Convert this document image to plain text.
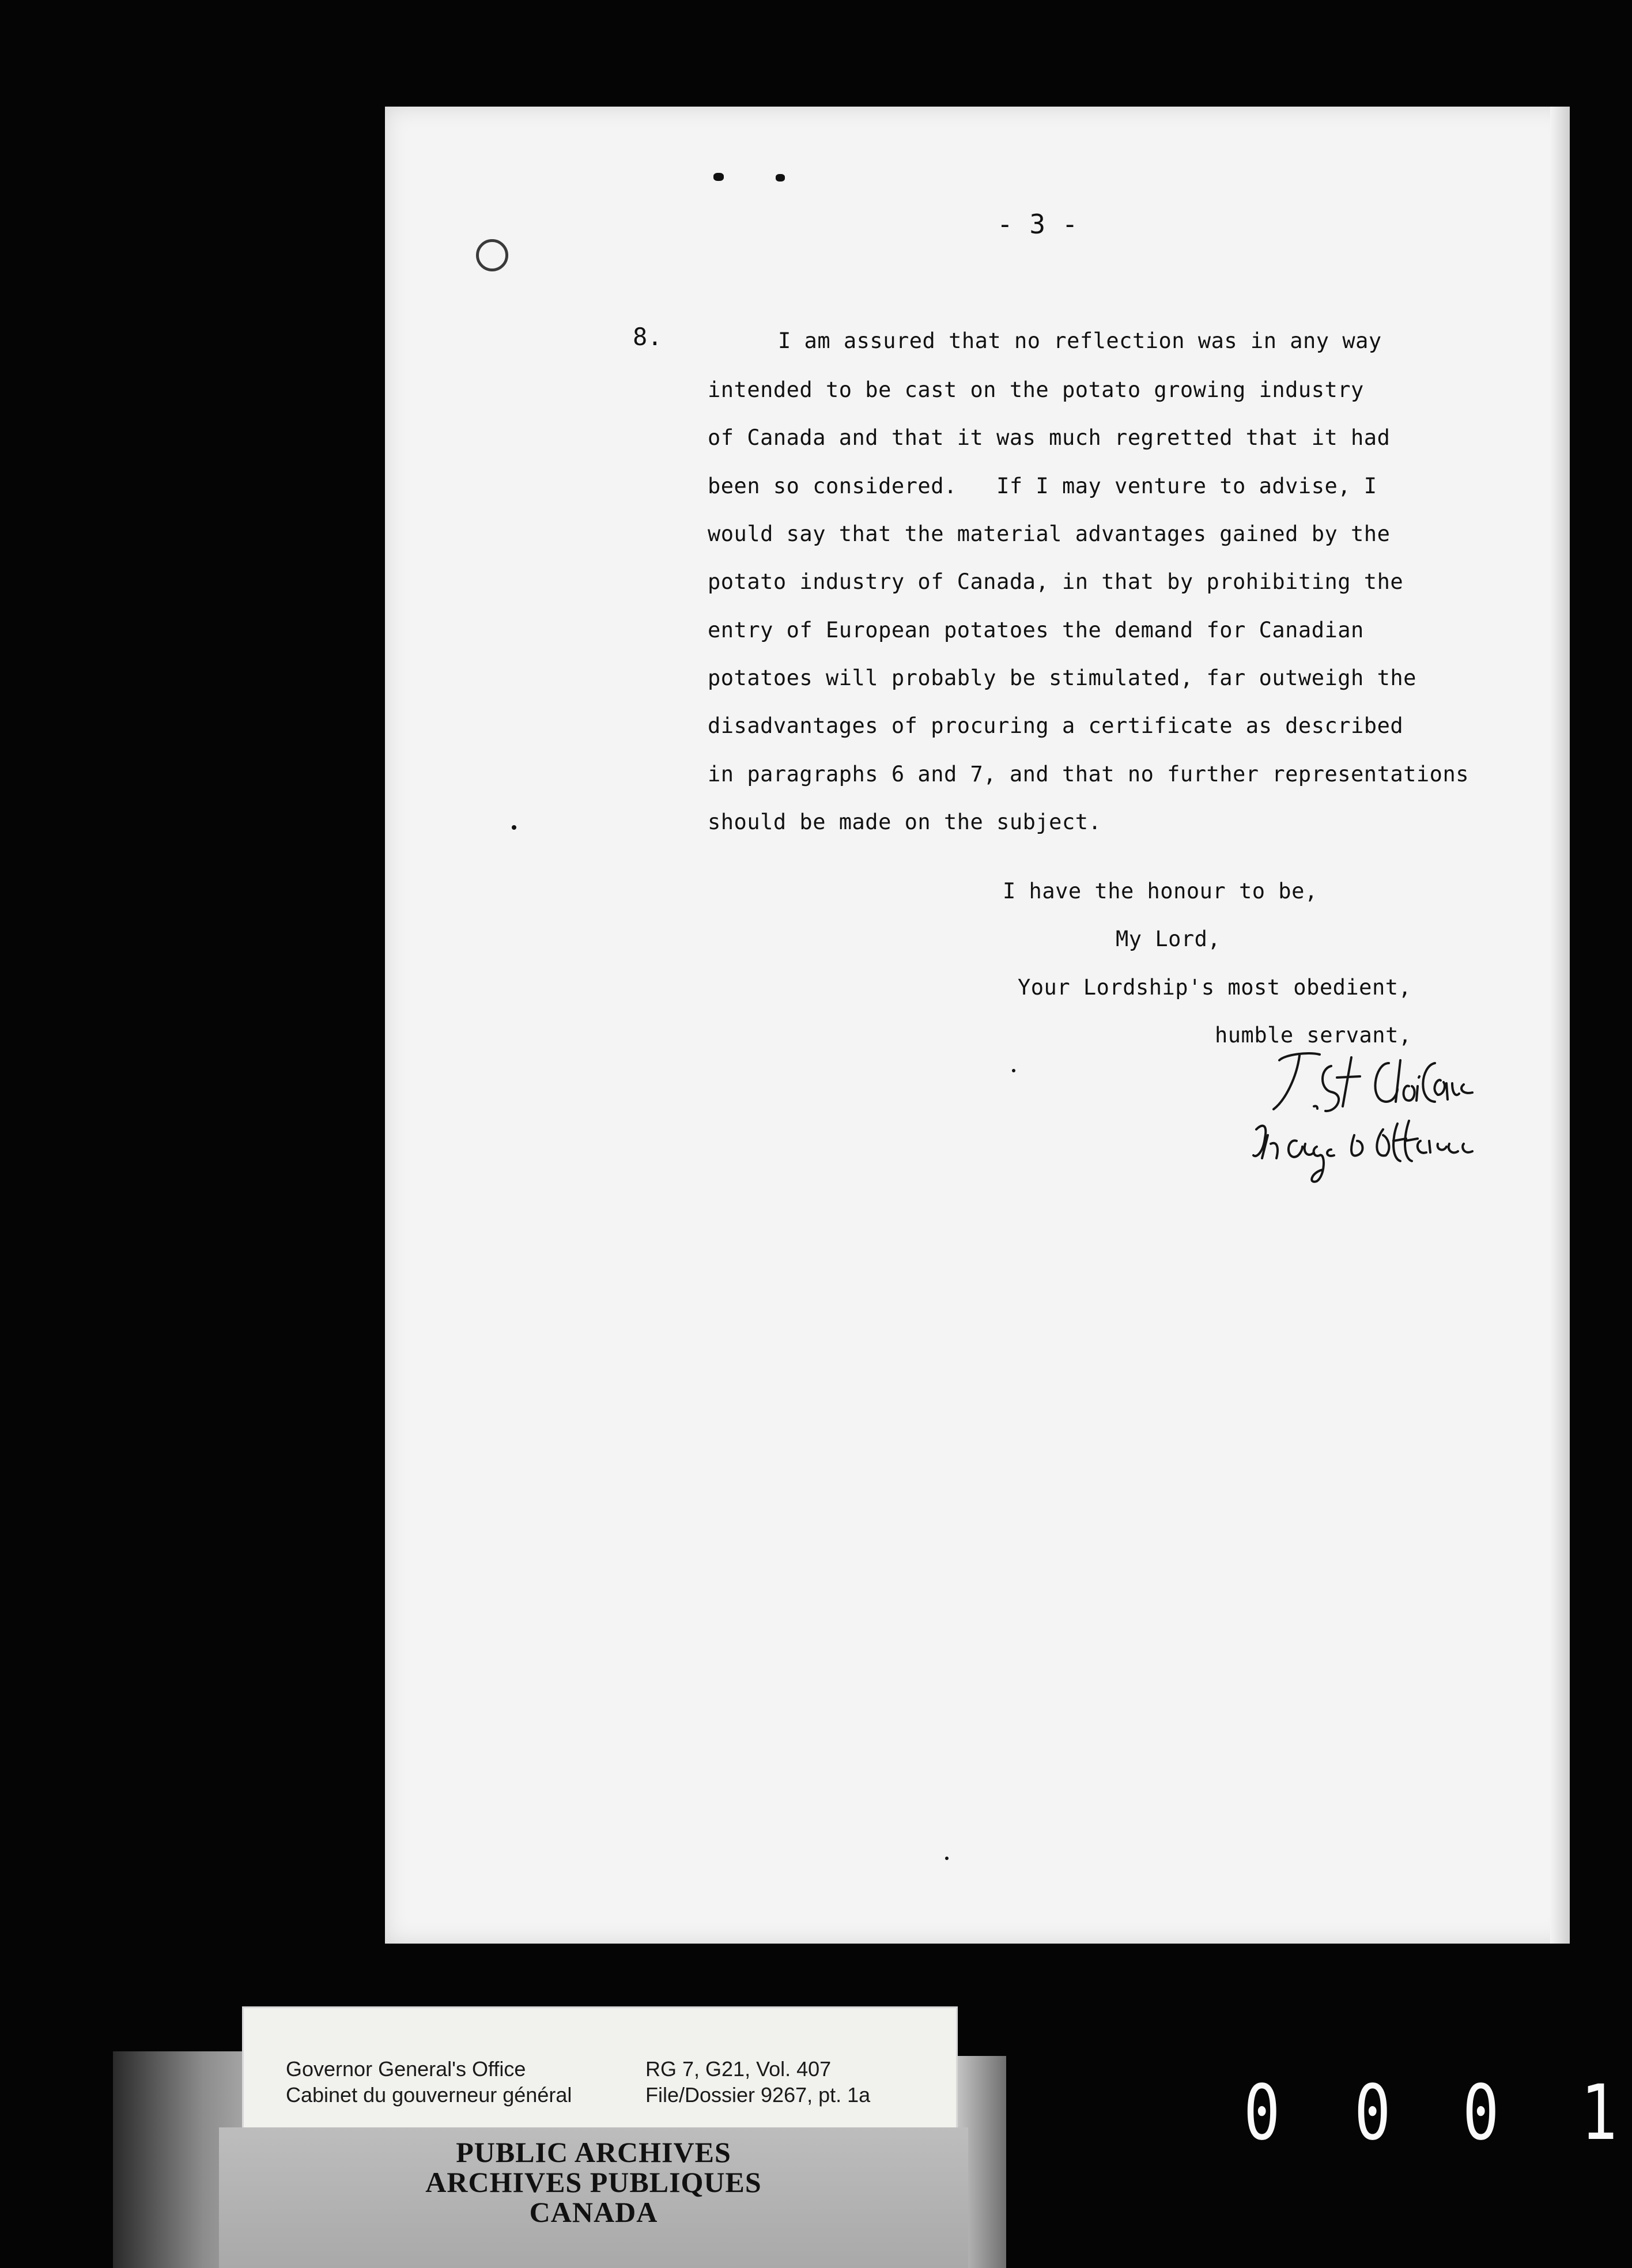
- 3 -
8.	I am assured that no reflection was in any way
intended to be cast on the potato growing industry
of Canada and that it was much regretted that it had
been so considered.   If I may venture to advise, I
would say that the material advantages gained by the
potato industry of Canada, in that by prohibiting the
entry of European potatoes the demand for Canadian
potatoes will probably be stimulated, far outweigh the
disadvantages of procuring a certificate as described
in paragraphs 6 and 7, and that no further representations
should be made on the subject.
I have the honour to be,
My Lord,
Your Lordship's most obedient,
humble servant,
Governor General's Office
Cabinet du gouverneur général
RG 7, G21, Vol. 407
File/Dossier 9267, pt. 1a
PUBLIC ARCHIVES
ARCHIVES PUBLIQUES
CANADA
0 0 0 1
